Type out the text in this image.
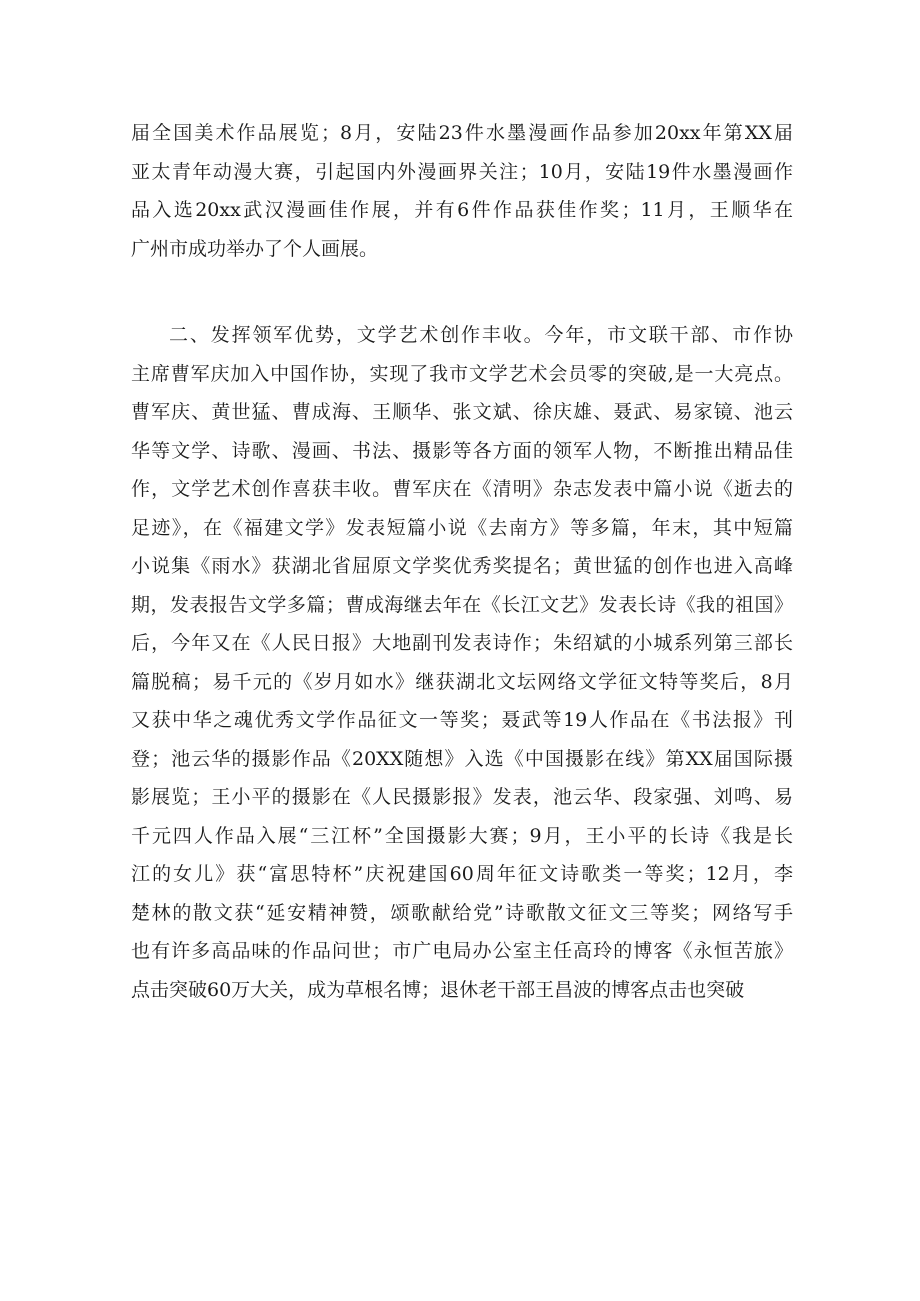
届全国美术作品展览；8月，安陆23件水墨漫画作品参加20xx年第XX届
亚太青年动漫大赛，引起国内外漫画界关注；10月，安陆19件水墨漫画作
品入选20xx武汉漫画佳作展，并有6件作品获佳作奖；11月，王顺华在
广州市成功举办了个人画展。
二、发挥领军优势，文学艺术创作丰收。今年，市文联干部、市作协
主席曹军庆加入中国作协，实现了我市文学艺术会员零的突破,是一大亮点。
曹军庆、黄世猛、曹成海、王顺华、张文斌、徐庆雄、聂武、易家镜、池云
华等文学、诗歌、漫画、书法、摄影等各方面的领军人物，不断推出精品佳
作，文学艺术创作喜获丰收。曹军庆在《清明》杂志发表中篇小说《逝去的
足迹》，在《福建文学》发表短篇小说《去南方》等多篇，年末，其中短篇
小说集《雨水》获湖北省屈原文学奖优秀奖提名；黄世猛的创作也进入高峰
期，发表报告文学多篇；曹成海继去年在《长江文艺》发表长诗《我的祖国》
后，今年又在《人民日报》大地副刊发表诗作；朱绍斌的小城系列第三部长
篇脱稿；易千元的《岁月如水》继获湖北文坛网络文学征文特等奖后，8月
又获中华之魂优秀文学作品征文一等奖；聂武等19人作品在《书法报》刊
登；池云华的摄影作品《20XX随想》入选《中国摄影在线》第XX届国际摄
影展览；王小平的摄影在《人民摄影报》发表，池云华、段家强、刘鸣、易
千元四人作品入展“三江杯”全国摄影大赛；9月，王小平的长诗《我是长
江的女儿》获“富思特杯”庆祝建国60周年征文诗歌类一等奖；12月，李
楚林的散文获“延安精神赞，颂歌献给党”诗歌散文征文三等奖；网络写手
也有许多高品味的作品问世；市广电局办公室主任高玲的博客《永恒苦旅》
点击突破60万大关，成为草根名博；退休老干部王昌波的博客点击也突破
